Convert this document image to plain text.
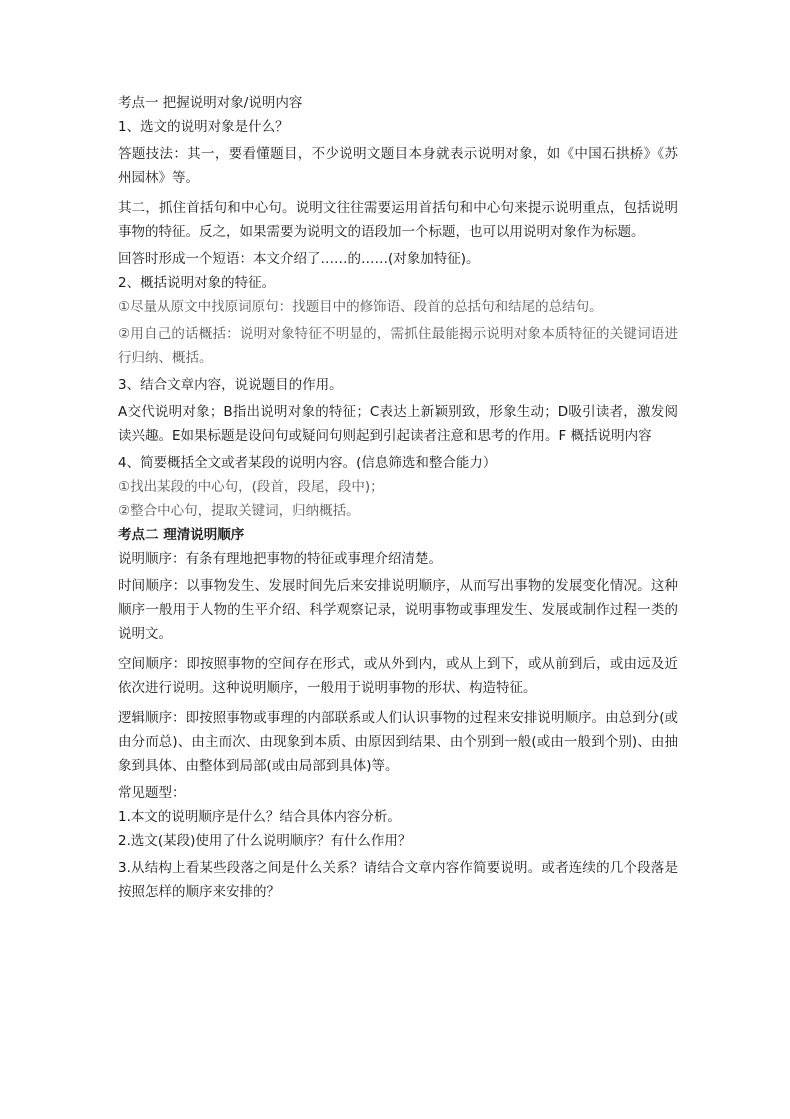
考点一 把握说明对象/说明内容
1、选文的说明对象是什么？
答题技法：其一，要看懂题目，不少说明文题目本身就表示说明对象，如《中国石拱桥》《苏州园林》等。
其二，抓住首括句和中心句。说明文往往需要运用首括句和中心句来提示说明重点，包括说明事物的特征。反之，如果需要为说明文的语段加一个标题，也可以用说明对象作为标题。
回答时形成一个短语：本文介绍了……的……(对象加特征)。
2、概括说明对象的特征。
①尽量从原文中找原词原句：找题目中的修饰语、段首的总括句和结尾的总结句。
②用自己的话概括：说明对象特征不明显的，需抓住最能揭示说明对象本质特征的关键词语进行归纳、概括。
3、结合文章内容，说说题目的作用。
A交代说明对象；B指出说明对象的特征；C表达上新颖别致，形象生动；D吸引读者，激发阅读兴趣。E如果标题是设问句或疑问句则起到引起读者注意和思考的作用。F 概括说明内容
4、简要概括全文或者某段的说明内容。(信息筛选和整合能力）
①找出某段的中心句，(段首，段尾，段中)；
②整合中心句，提取关键词，归纳概括。
考点二 理清说明顺序
说明顺序：有条有理地把事物的特征或事理介绍清楚。
时间顺序：以事物发生、发展时间先后来安排说明顺序，从而写出事物的发展变化情况。这种顺序一般用于人物的生平介绍、科学观察记录，说明事物或事理发生、发展或制作过程一类的说明文。
空间顺序：即按照事物的空间存在形式，或从外到内，或从上到下，或从前到后，或由远及近依次进行说明。这种说明顺序，一般用于说明事物的形状、构造特征。
逻辑顺序：即按照事物或事理的内部联系或人们认识事物的过程来安排说明顺序。由总到分(或由分而总)、由主而次、由现象到本质、由原因到结果、由个别到一般(或由一般到个别)、由抽象到具体、由整体到局部(或由局部到具体)等。
常见题型：
1.本文的说明顺序是什么？结合具体内容分析。
2.选文(某段)使用了什么说明顺序？有什么作用？
3.从结构上看某些段落之间是什么关系？请结合文章内容作简要说明。或者连续的几个段落是按照怎样的顺序来安排的？
